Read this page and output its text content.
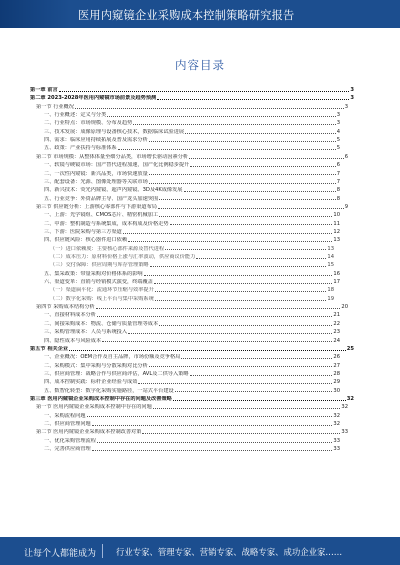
医用内窥镜企业采购成本控制策略研究报告
内容目录
第一章 前言	3
第二章 2023-2028年医用内窥镜市场前景及趋势预测	3
第一节 行业概况	3
一、行业概述：定义与分类	3
二、行业特点：市场规模、分布及趋势	3
三、技术发展：成像原理与设备核心技术，数据临床试验进展	4
四、需求：临床应用持续拓展及普及需求分析	5
五、政策：产业扶持与标准体系	5
第二节 市场规模：从整体体量至细分品类，市场增长驱动因素分析	6
一、软镜与硬镜市场：国产替代进程加速，国产化比例稳步提升	6
二、一次性内窥镜：新兴品类，市场快速放量	7
三、配套设备：光源、图像处理器等关联市场	7
四、新兴技术：荧光内窥镜、超声内窥镜、3D及4K成像发展	8
五、行业竞争：外资品牌主导、国产龙头加速突围	8
第三节 供应链分析：上游核心零部件与下游渠道布局	9
一、上游：光学镜组、CMOS芯片、精密机械加工	10
二、中游：整机制造与系统集成，成本构成及价格走势	11
三、下游：医院采购与第三方渠道	12
四、供应链风险：核心器件进口依赖	13
（一）进口依赖度：主要核心部件来源及替代进程	13
（二）成本压力：原材料价格上涨与汇率波动，供应商议价能力	14
（三）交付保障：供应周期与库存管理策略	15
五、集采政策：带量采购对价格体系的影响	16
六、渠道变革：直销与经销模式演变，终端覆盖	17
（一）渠道扁平化：流通环节压缩与效率提升	18
（二）数字化采购：线上平台与集中采购系统	19
第四节 采购成本结构分析	20
一、直接材料成本分析	21
二、间接采购成本：物流、仓储与质量管理等成本	22
三、采购管理成本：人员与系统投入	23
四、隐性成本与风险成本	24
第五节 相关企业	25
一、企业概况：OEM合作及自主品牌，市场份额及竞争格局	26
二、采购模式：集中采购与分散采购对比分析	27
三、供应商管理：战略合作与供应商评估，AVL及二供导入策略	28
四、成本控制实践：标杆企业经验与成效	29
五、数智化转型：数字化采购实施路径，一站式平台建设	30
第三章 医用内窥镜企业采购成本控制中存在的问题及改善策略	32
第一节 医用内窥镜企业采购成本控制中存在的问题	32
一、采购流程问题	32
二、供应商管理问题	32
第二节 医用内窥镜企业采购成本控制改善对策	33
一、优化采购管理流程	33
二、完善供应商管理	33
让每个人都能成为 行业专家、管理专家、营销专家、战略专家、成功企业家……
